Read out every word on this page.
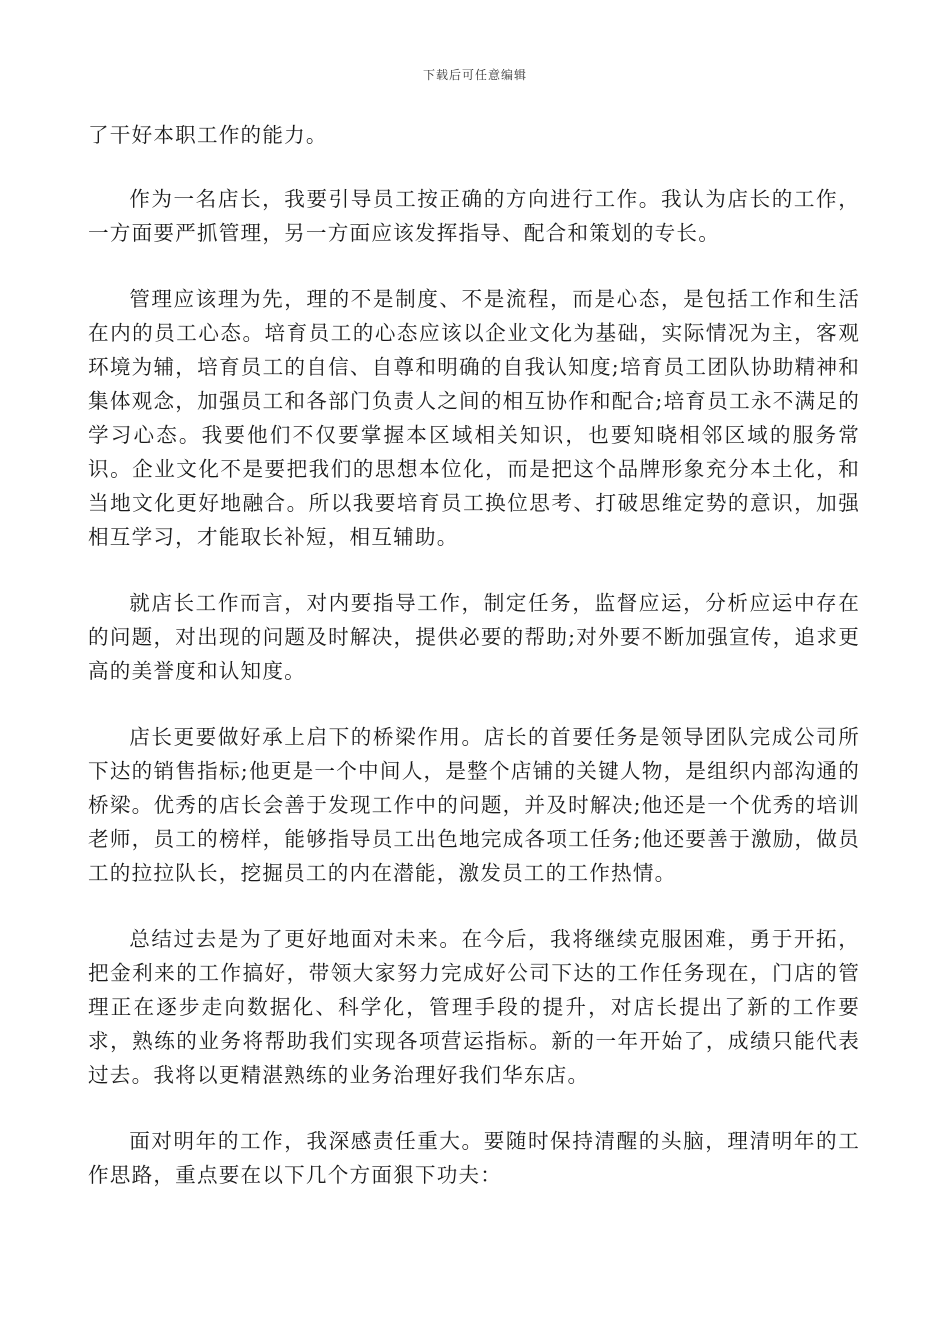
下载后可任意编辑

了干好本职工作的能力。

作为一名店长，我要引导员工按正确的方向进行工作。我认为店长的工作，一方面要严抓管理，另一方面应该发挥指导、配合和策划的专长。

管理应该理为先，理的不是制度、不是流程，而是心态，是包括工作和生活在内的员工心态。培育员工的心态应该以企业文化为基础，实际情况为主，客观环境为辅，培育员工的自信、自尊和明确的自我认知度;培育员工团队协助精神和集体观念，加强员工和各部门负责人之间的相互协作和配合;培育员工永不满足的学习心态。我要他们不仅要掌握本区域相关知识，也要知晓相邻区域的服务常识。企业文化不是要把我们的思想本位化，而是把这个品牌形象充分本土化，和当地文化更好地融合。所以我要培育员工换位思考、打破思维定势的意识，加强相互学习，才能取长补短，相互辅助。

就店长工作而言，对内要指导工作，制定任务，监督应运，分析应运中存在的问题，对出现的问题及时解决，提供必要的帮助;对外要不断加强宣传，追求更高的美誉度和认知度。

店长更要做好承上启下的桥梁作用。店长的首要任务是领导团队完成公司所下达的销售指标;他更是一个中间人，是整个店铺的关键人物，是组织内部沟通的桥梁。优秀的店长会善于发现工作中的问题，并及时解决;他还是一个优秀的培训老师，员工的榜样，能够指导员工出色地完成各项工任务;他还要善于激励，做员工的拉拉队长，挖掘员工的内在潜能，激发员工的工作热情。

总结过去是为了更好地面对未来。在今后，我将继续克服困难，勇于开拓，把金利来的工作搞好，带领大家努力完成好公司下达的工作任务现在，门店的管理正在逐步走向数据化、科学化，管理手段的提升，对店长提出了新的工作要求，熟练的业务将帮助我们实现各项营运指标。新的一年开始了，成绩只能代表过去。我将以更精湛熟练的业务治理好我们华东店。

面对明年的工作，我深感责任重大。要随时保持清醒的头脑，理清明年的工作思路，重点要在以下几个方面狠下功夫：
